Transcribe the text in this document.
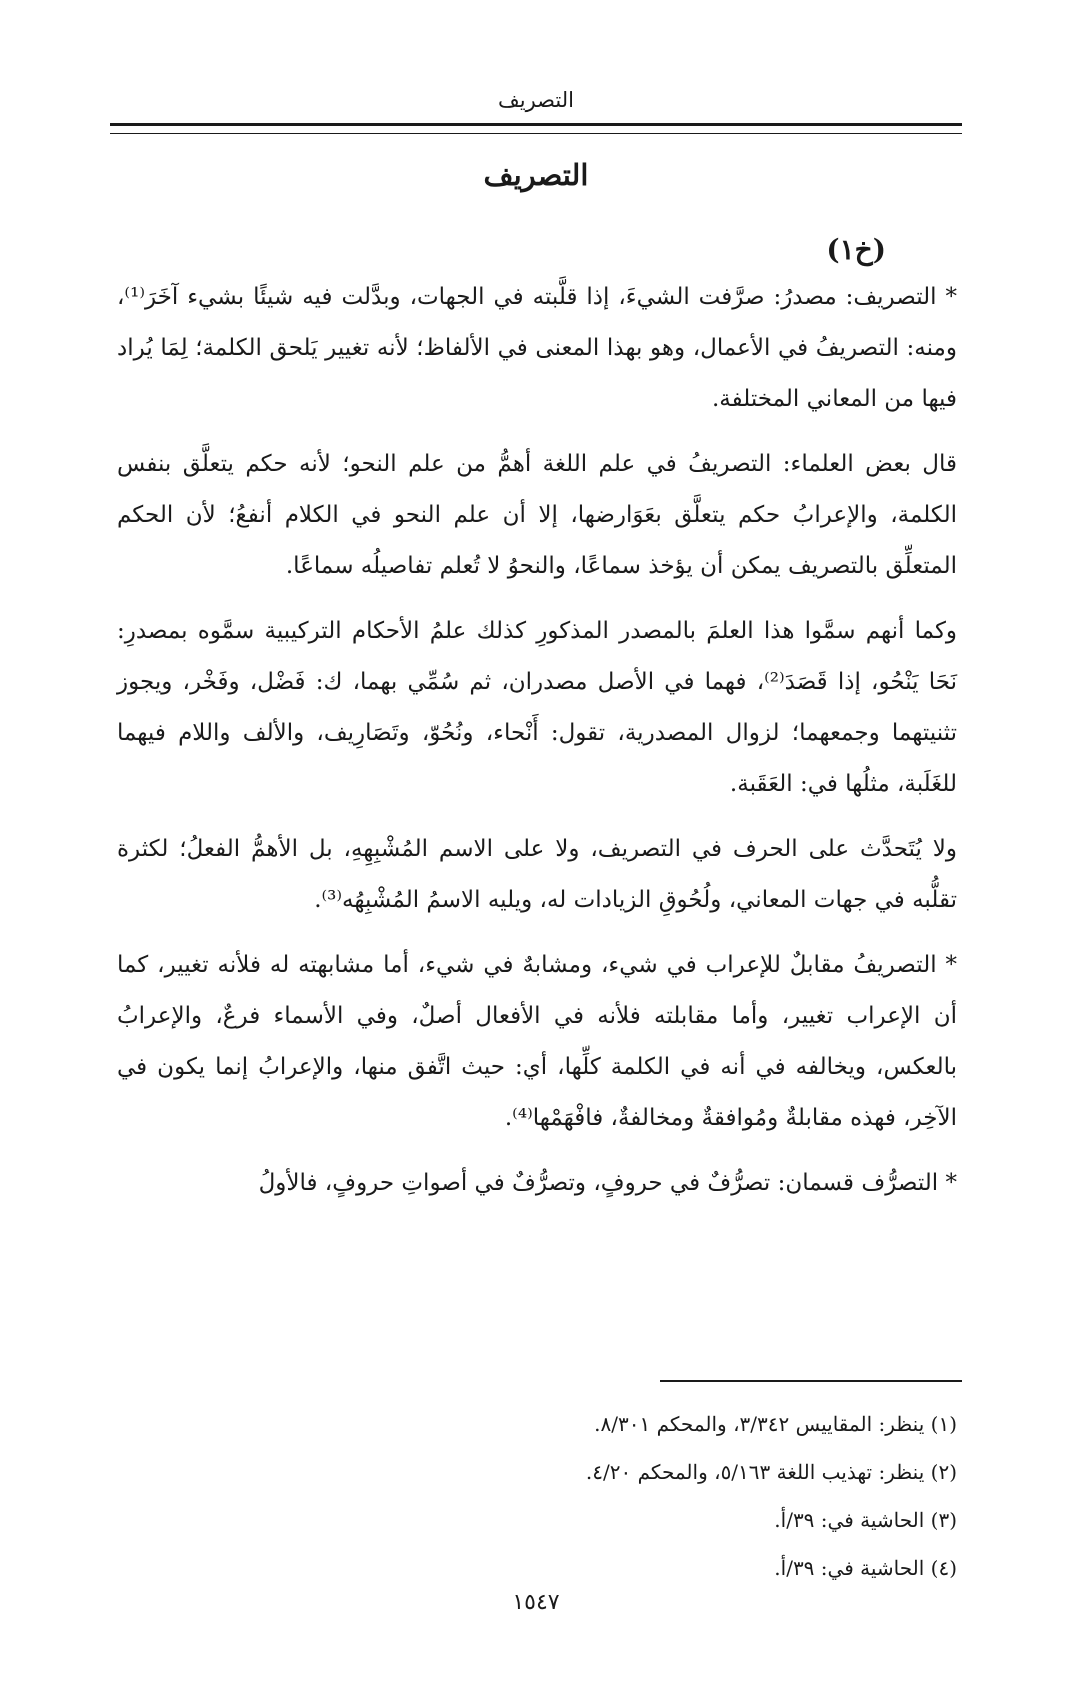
التصريف
التصريف
(خ١)

* التصريف: مصدرُ: صرَّفت الشيءَ، إذا قلَّبته في الجهات، وبدَّلت فيه شيئًا بشيء آخَرَ⁽¹⁾، ومنه: التصريفُ في الأعمال، وهو بهذا المعنى في الألفاظ؛ لأنه تغيير يَلحق الكلمة؛ لِمَا يُراد فيها من المعاني المختلفة.

قال بعض العلماء: التصريفُ في علم اللغة أهمُّ من علم النحو؛ لأنه حكم يتعلَّق بنفس الكلمة، والإعرابُ حكم يتعلَّق بعَوَارضها، إلا أن علم النحو في الكلام أنفعُ؛ لأن الحكم المتعلِّق بالتصريف يمكن أن يؤخذ سماعًا، والنحوُ لا تُعلم تفاصيلُه سماعًا.

وكما أنهم سمَّوا هذا العلمَ بالمصدر المذكورِ كذلك علمُ الأحكام التركيبية سمَّوه بمصدرِ: نَحَا يَنْحُو، إذا قَصَدَ⁽²⁾، فهما في الأصل مصدران، ثم سُمِّي بهما، ك: فَضْل، وفَخْر، ويجوز تثنيتهما وجمعهما؛ لزوال المصدرية، تقول: أَنْحاء، ونُحُوّ، وتَصَارِيف، والألف واللام فيهما للغَلَبة، مثلُها في: العَقَبة.

ولا يُتَحدَّث على الحرف في التصريف، ولا على الاسم المُشْبِهِهِ، بل الأهمُّ الفعلُ؛ لكثرة تقلُّبه في جهات المعاني، ولُحُوقِ الزيادات له، ويليه الاسمُ المُشْبِهُه⁽³⁾.

* التصريفُ مقابلٌ للإعراب في شيء، ومشابهٌ في شيء، أما مشابهته له فلأنه تغيير، كما أن الإعراب تغيير، وأما مقابلته فلأنه في الأفعال أصلٌ، وفي الأسماء فرعٌ، والإعرابُ بالعكس، ويخالفه في أنه في الكلمة كلِّها، أي: حيث اتَّفق منها، والإعرابُ إنما يكون في الآخِر، فهذه مقابلةٌ ومُوافقةٌ ومخالفةٌ، فافْهَمْها⁽⁴⁾.

* التصرُّف قسمان: تصرُّفٌ في حروفٍ، وتصرُّفٌ في أصواتِ حروفٍ، فالأولُ

(١) ينظر: المقاييس ٣/٣٤٢، والمحكم ٨/٣٠١.

(٢) ينظر: تهذيب اللغة ٥/١٦٣، والمحكم ٤/٢٠.

(٣) الحاشية في: ٣٩/أ.

(٤) الحاشية في: ٣٩/أ.

١٥٤٧
